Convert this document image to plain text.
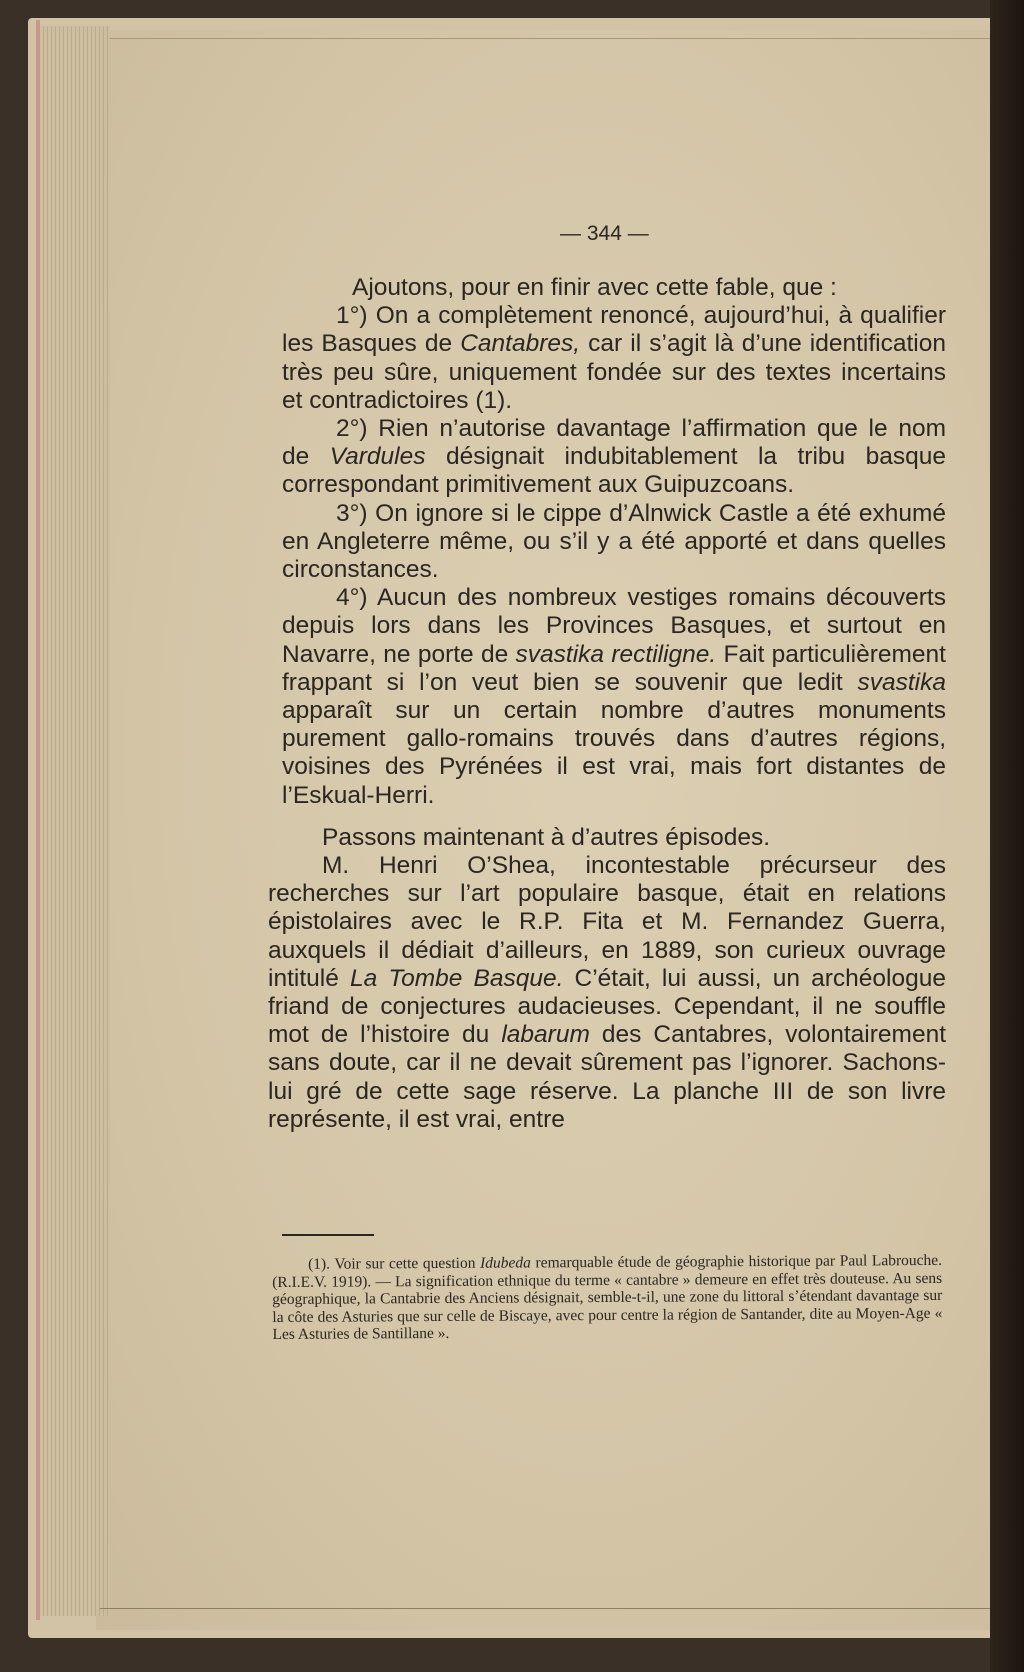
— 344 —

Ajoutons, pour en finir avec cette fable, que :

1°) On a complètement renoncé, aujourd’hui, à qualifier les Basques de Cantabres, car il s’agit là d’une identification très peu sûre, uniquement fondée sur des textes incertains et contradictoires (1).

2°) Rien n’autorise davantage l’affirmation que le nom de Vardules désignait indubitablement la tribu basque correspondant primitivement aux Guipuzcoans.

3°) On ignore si le cippe d’Alnwick Castle a été exhumé en Angleterre même, ou s’il y a été apporté et dans quelles circonstances.

4°) Aucun des nombreux vestiges romains découverts depuis lors dans les Provinces Basques, et surtout en Navarre, ne porte de svastika rectiligne. Fait particulièrement frappant si l’on veut bien se souvenir que ledit svastika apparaît sur un certain nombre d’autres monuments purement gallo-romains trouvés dans d’autres régions, voisines des Pyrénées il est vrai, mais fort distantes de l’Eskual-Herri.

Passons maintenant à d’autres épisodes.

M. Henri O’Shea, incontestable précurseur des recherches sur l’art populaire basque, était en relations épistolaires avec le R.P. Fita et M. Fernandez Guerra, auxquels il dédiait d’ailleurs, en 1889, son curieux ouvrage intitulé La Tombe Basque. C’était, lui aussi, un archéologue friand de conjectures audacieuses. Cependant, il ne souffle mot de l’histoire du labarum des Cantabres, volontairement sans doute, car il ne devait sûrement pas l’ignorer. Sachons-lui gré de cette sage réserve. La planche III de son livre représente, il est vrai, entre

(1). Voir sur cette question Idubeda remarquable étude de géographie historique par Paul Labrouche. (R.I.E.V. 1919). — La signification ethnique du terme « cantabre » demeure en effet très douteuse. Au sens géographique, la Cantabrie des Anciens désignait, semble-t-il, une zone du littoral s’étendant davantage sur la côte des Asturies que sur celle de Biscaye, avec pour centre la région de Santander, dite au Moyen-Age « Les Asturies de Santillane ».
